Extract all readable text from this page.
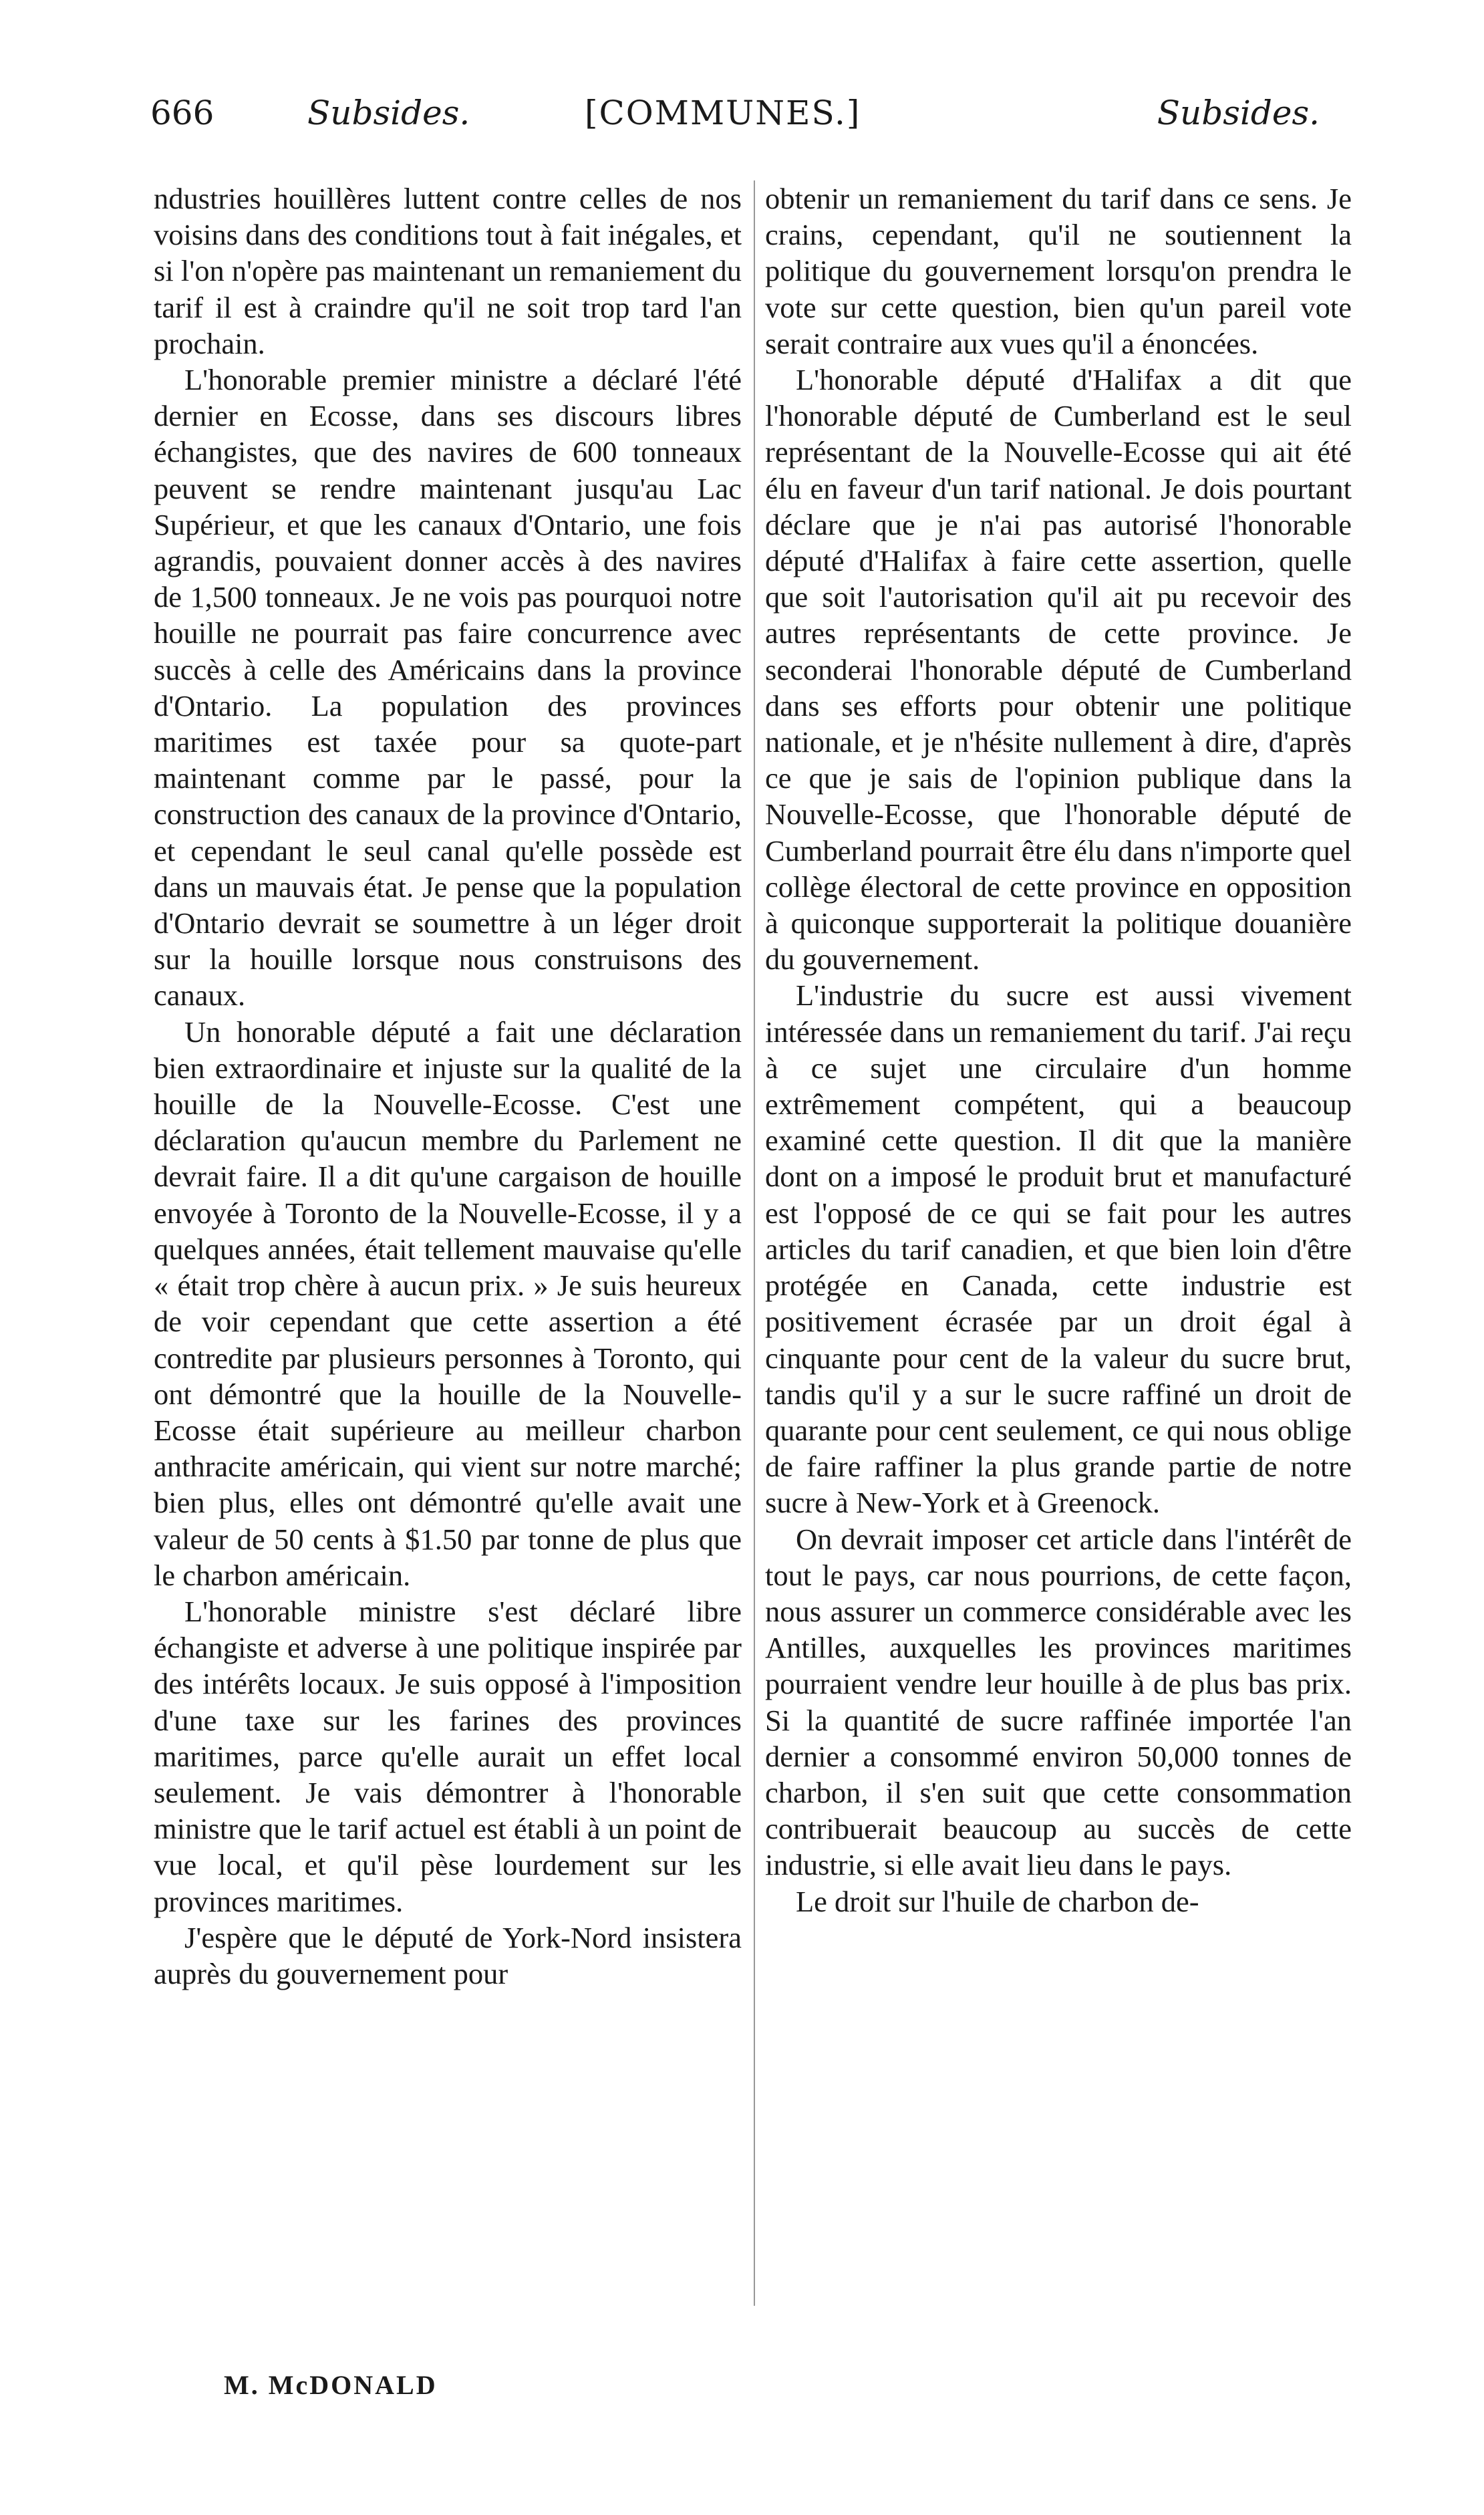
666	Subsides.	[COMMUNES.]	Subsides.

ndustries houillères luttent contre celles de nos voisins dans des conditions tout à fait inégales, et si l'on n'opère pas maintenant un remaniement du tarif il est à craindre qu'il ne soit trop tard l'an prochain.

L'honorable premier ministre a déclaré l'été dernier en Ecosse, dans ses discours libres échangistes, que des navires de 600 tonneaux peuvent se rendre maintenant jusqu'au Lac Supérieur, et que les canaux d'Ontario, une fois agrandis, pouvaient donner accès à des navires de 1,500 tonneaux. Je ne vois pas pourquoi notre houille ne pourrait pas faire concurrence avec succès à celle des Américains dans la province d'Ontario. La population des provinces maritimes est taxée pour sa quote-part maintenant comme par le passé, pour la construction des canaux de la province d'Ontario, et cependant le seul canal qu'elle possède est dans un mauvais état. Je pense que la population d'Ontario devrait se soumettre à un léger droit sur la houille lorsque nous construisons des canaux.

Un honorable député a fait une déclaration bien extraordinaire et injuste sur la qualité de la houille de la Nouvelle-Ecosse. C'est une déclaration qu'aucun membre du Parlement ne devrait faire. Il a dit qu'une cargaison de houille envoyée à Toronto de la Nouvelle-Ecosse, il y a quelques années, était tellement mauvaise qu'elle « était trop chère à aucun prix. » Je suis heureux de voir cependant que cette assertion a été contredite par plusieurs personnes à Toronto, qui ont démontré que la houille de la Nouvelle-Ecosse était supérieure au meilleur charbon anthracite américain, qui vient sur notre marché; bien plus, elles ont démontré qu'elle avait une valeur de 50 cents à $1.50 par tonne de plus que le charbon américain.

L'honorable ministre s'est déclaré libre échangiste et adverse à une politique inspirée par des intérêts locaux. Je suis opposé à l'imposition d'une taxe sur les farines des provinces maritimes, parce qu'elle aurait un effet local seulement. Je vais démontrer à l'honorable ministre que le tarif actuel est établi à un point de vue local, et qu'il pèse lourdement sur les provinces maritimes.

J'espère que le député de York-Nord insistera auprès du gouvernement pour

obtenir un remaniement du tarif dans ce sens. Je crains, cependant, qu'il ne soutiennent la politique du gouvernement lorsqu'on prendra le vote sur cette question, bien qu'un pareil vote serait contraire aux vues qu'il a énoncées.

L'honorable député d'Halifax a dit que l'honorable député de Cumberland est le seul représentant de la Nouvelle-Ecosse qui ait été élu en faveur d'un tarif national. Je dois pourtant déclare que je n'ai pas autorisé l'honorable député d'Halifax à faire cette assertion, quelle que soit l'autorisation qu'il ait pu recevoir des autres représentants de cette province. Je seconderai l'honorable député de Cumberland dans ses efforts pour obtenir une politique nationale, et je n'hésite nullement à dire, d'après ce que je sais de l'opinion publique dans la Nouvelle-Ecosse, que l'honorable député de Cumberland pourrait être élu dans n'importe quel collège électoral de cette province en opposition à quiconque supporterait la politique douanière du gouvernement.

L'industrie du sucre est aussi vivement intéressée dans un remaniement du tarif. J'ai reçu à ce sujet une circulaire d'un homme extrêmement compétent, qui a beaucoup examiné cette question. Il dit que la manière dont on a imposé le produit brut et manufacturé est l'opposé de ce qui se fait pour les autres articles du tarif canadien, et que bien loin d'être protégée en Canada, cette industrie est positivement écrasée par un droit égal à cinquante pour cent de la valeur du sucre brut, tandis qu'il y a sur le sucre raffiné un droit de quarante pour cent seulement, ce qui nous oblige de faire raffiner la plus grande partie de notre sucre à New-York et à Greenock.

On devrait imposer cet article dans l'intérêt de tout le pays, car nous pourrions, de cette façon, nous assurer un commerce considérable avec les Antilles, auxquelles les provinces maritimes pourraient vendre leur houille à de plus bas prix. Si la quantité de sucre raffinée importée l'an dernier a consommé environ 50,000 tonnes de charbon, il s'en suit que cette consommation contribuerait beaucoup au succès de cette industrie, si elle avait lieu dans le pays.

Le droit sur l'huile de charbon de-

M. McDONALD
